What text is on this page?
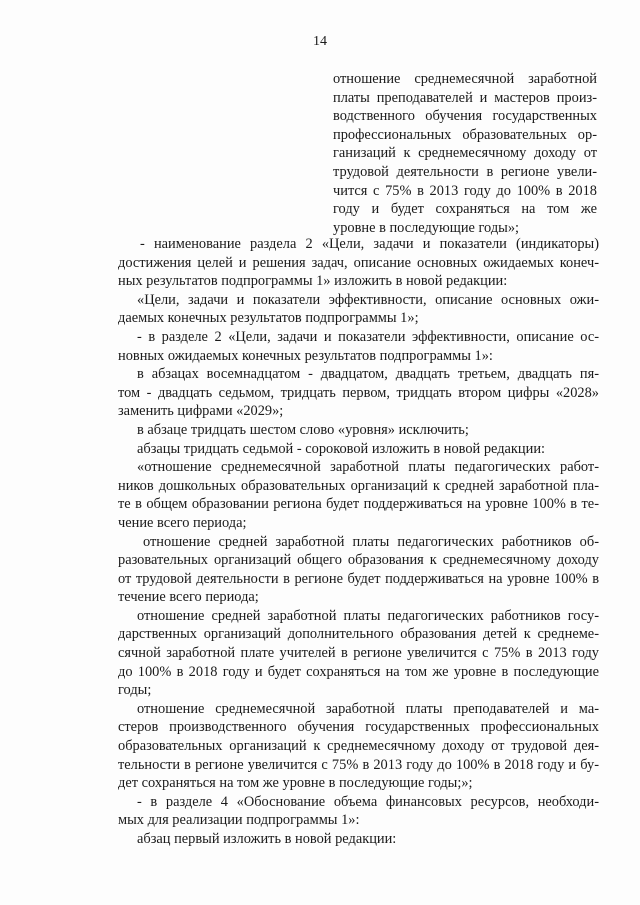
14
отношение среднемесячной заработной
платы преподавателей и мастеров произ-
водственного обучения государственных
профессиональных образовательных ор-
ганизаций к среднемесячному доходу от
трудовой деятельности в регионе увели-
чится с 75% в 2013 году до 100% в 2018
году и будет сохраняться на том же
уровне в последующие годы»;
- наименование раздела 2 «Цели, задачи и показатели (индикаторы)
достижения целей и решения задач, описание основных ожидаемых конеч-
ных результатов подпрограммы 1» изложить в новой редакции:
«Цели, задачи и показатели эффективности, описание основных ожи-
даемых конечных результатов подпрограммы 1»;
- в разделе 2 «Цели, задачи и показатели эффективности, описание ос-
новных ожидаемых конечных результатов подпрограммы 1»:
в абзацах восемнадцатом - двадцатом, двадцать третьем, двадцать пя-
том - двадцать седьмом, тридцать первом, тридцать втором цифры «2028»
заменить цифрами «2029»;
в абзаце тридцать шестом слово «уровня» исключить;
абзацы тридцать седьмой - сороковой изложить в новой редакции:
«отношение среднемесячной заработной платы педагогических работ-
ников дошкольных образовательных организаций к средней заработной пла-
те в общем образовании региона будет поддерживаться на уровне 100% в те-
чение всего периода;
отношение средней заработной платы педагогических работников об-
разовательных организаций общего образования к среднемесячному доходу
от трудовой деятельности в регионе будет поддерживаться на уровне 100% в
течение всего периода;
отношение средней заработной платы педагогических работников госу-
дарственных организаций дополнительного образования детей к среднеме-
сячной заработной плате учителей в регионе увеличится с 75% в 2013 году
до 100% в 2018 году и будет сохраняться на том же уровне в последующие
годы;
отношение среднемесячной заработной платы преподавателей и ма-
стеров производственного обучения государственных профессиональных
образовательных организаций к среднемесячному доходу от трудовой дея-
тельности в регионе увеличится с 75% в 2013 году до 100% в 2018 году и бу-
дет сохраняться на том же уровне в последующие годы;»;
- в разделе 4 «Обоснование объема финансовых ресурсов, необходи-
мых для реализации подпрограммы 1»:
абзац первый изложить в новой редакции:
